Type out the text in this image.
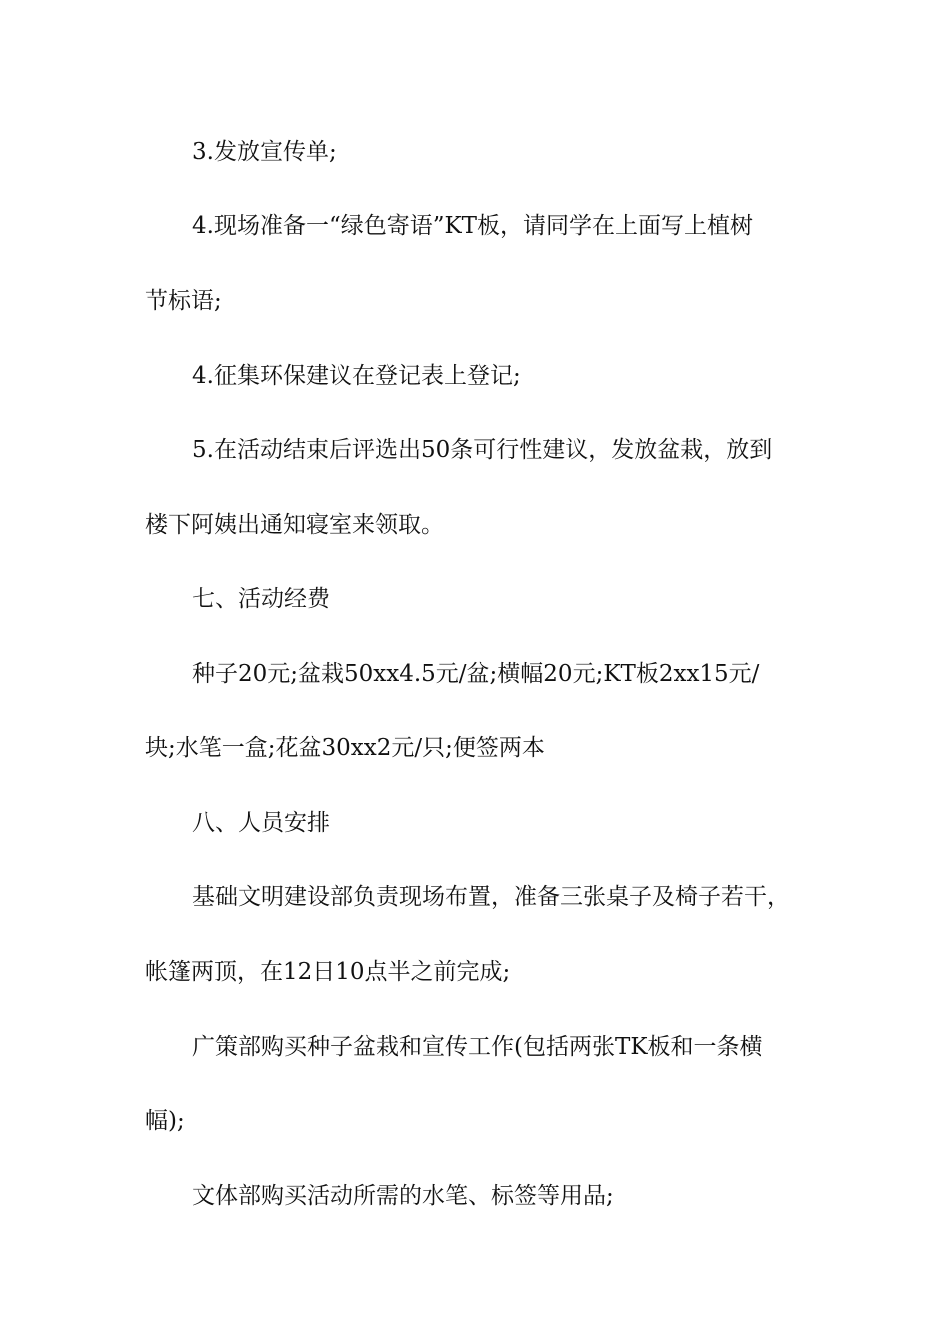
3.发放宣传单;
4.现场准备一“绿色寄语”KT板，请同学在上面写上植树
节标语;
4.征集环保建议在登记表上登记;
5.在活动结束后评选出50条可行性建议，发放盆栽，放到
楼下阿姨出通知寝室来领取。
七、活动经费
种子20元;盆栽50xx4.5元/盆;横幅20元;KT板2xx15元/
块;水笔一盒;花盆30xx2元/只;便签两本
八、人员安排
基础文明建设部负责现场布置，准备三张桌子及椅子若干，
帐篷两顶，在12日10点半之前完成;
广策部购买种子盆栽和宣传工作(包括两张TK板和一条横
幅);
文体部购买活动所需的水笔、标签等用品;
